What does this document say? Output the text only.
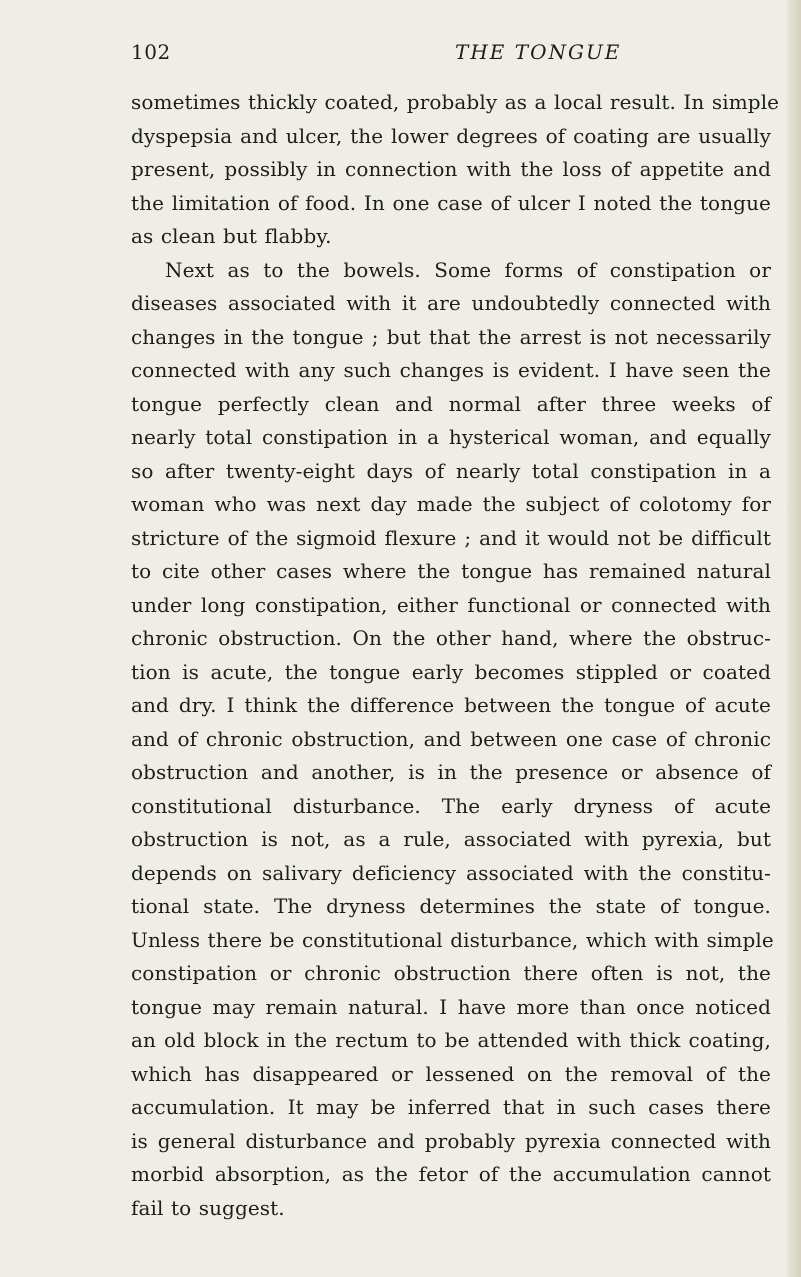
102	THE TONGUE
sometimes thickly coated, probably as a local result. In simple
dyspepsia and ulcer, the lower degrees of coating are usually
present, possibly in connection with the loss of appetite and
the limitation of food. In one case of ulcer I noted the tongue
as clean but flabby.
Next as to the bowels. Some forms of constipation or
diseases associated with it are undoubtedly connected with
changes in the tongue ; but that the arrest is not necessarily
connected with any such changes is evident. I have seen the
tongue perfectly clean and normal after three weeks of
nearly total constipation in a hysterical woman, and equally
so after twenty-eight days of nearly total constipation in a
woman who was next day made the subject of colotomy for
stricture of the sigmoid flexure ; and it would not be difficult
to cite other cases where the tongue has remained natural
under long constipation, either functional or connected with
chronic obstruction. On the other hand, where the obstruc-
tion is acute, the tongue early becomes stippled or coated
and dry. I think the difference between the tongue of acute
and of chronic obstruction, and between one case of chronic
obstruction and another, is in the presence or absence of
constitutional disturbance. The early dryness of acute
obstruction is not, as a rule, associated with pyrexia, but
depends on salivary deficiency associated with the constitu-
tional state. The dryness determines the state of tongue.
Unless there be constitutional disturbance, which with simple
constipation or chronic obstruction there often is not, the
tongue may remain natural. I have more than once noticed
an old block in the rectum to be attended with thick coating,
which has disappeared or lessened on the removal of the
accumulation. It may be inferred that in such cases there
is general disturbance and probably pyrexia connected with
morbid absorption, as the fetor of the accumulation cannot
fail to suggest.
